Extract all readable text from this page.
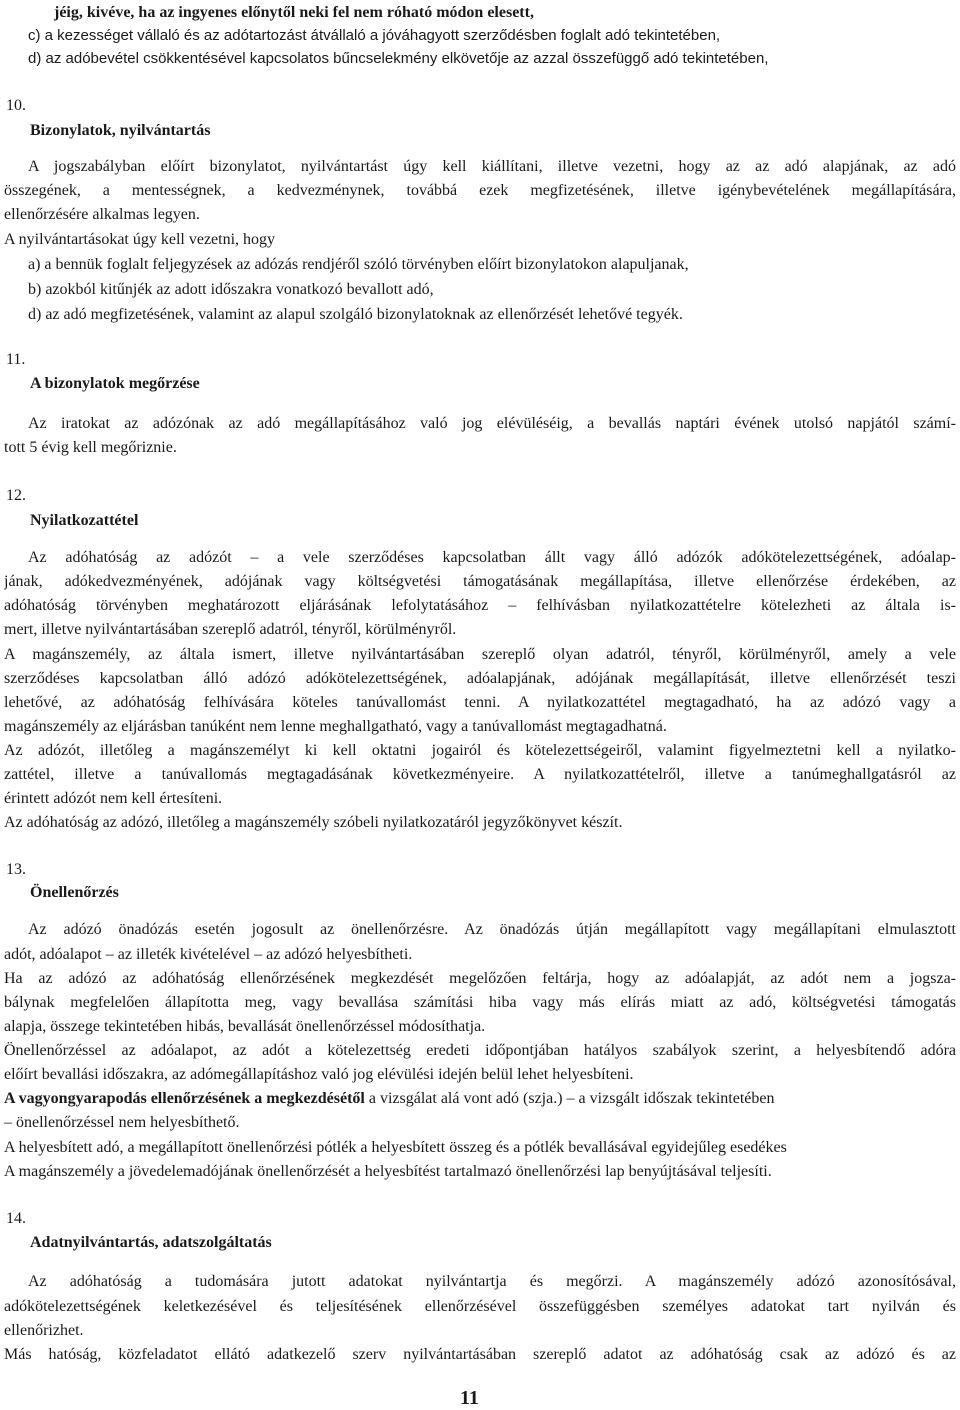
jéig, kivéve, ha az ingyenes előnytől neki fel nem róható módon elesett,
c) a kezességet vállaló és az adótartozást átvállaló a jóváhagyott szerződésben foglalt adó tekintetében,
d) az adóbevétel csökkentésével kapcsolatos bűncselekmény elkövetője az azzal összefüggő adó tekintetében,
10.
Bizonylatok, nyilvántartás
A jogszabályban előírt bizonylatot, nyilvántartást úgy kell kiállítani, illetve vezetni, hogy az az adó alapjának, az adó
összegének, a mentességnek, a kedvezménynek, továbbá ezek megfizetésének, illetve igénybevételének megállapítására,
ellenőrzésére alkalmas legyen.
A nyilvántartásokat úgy kell vezetni, hogy
a) a bennük foglalt feljegyzések az adózás rendjéről szóló törvényben előírt bizonylatokon alapuljanak,
b) azokból kitűnjék az adott időszakra vonatkozó bevallott adó,
d) az adó megfizetésének, valamint az alapul szolgáló bizonylatoknak az ellenőrzését lehetővé tegyék.
11.
A bizonylatok megőrzése
Az iratokat az adózónak az adó megállapításához való jog elévüléséig, a bevallás naptári évének utolsó napjától számí-
tott 5 évig kell megőriznie.
12.
Nyilatkozattétel
Az adóhatóság az adózót – a vele szerződéses kapcsolatban állt vagy álló adózók adókötelezettségének, adóalap-
jának, adókedvezményének, adójának vagy költségvetési támogatásának megállapítása, illetve ellenőrzése érdekében, az
adóhatóság törvényben meghatározott eljárásának lefolytatásához – felhívásban nyilatkozattételre kötelezheti az általa is-
mert, illetve nyilvántartásában szereplő adatról, tényről, körülményről.
A magánszemély, az általa ismert, illetve nyilvántartásában szereplő olyan adatról, tényről, körülményről, amely a vele
szerződéses kapcsolatban álló adózó adókötelezettségének, adóalapjának, adójának megállapítását, illetve ellenőrzését teszi
lehetővé, az adóhatóság felhívására köteles tanúvallomást tenni. A nyilatkozattétel megtagadható, ha az adózó vagy a
magánszemély az eljárásban tanúként nem lenne meghallgatható, vagy a tanúvallomást megtagadhatná.
Az adózót, illetőleg a magánszemélyt ki kell oktatni jogairól és kötelezettségeiről, valamint figyelmeztetni kell a nyilatko-
zattétel, illetve a tanúvallomás megtagadásának következményeire. A nyilatkozattételről, illetve a tanúmeghallgatásról az
érintett adózót nem kell értesíteni.
Az adóhatóság az adózó, illetőleg a magánszemély szóbeli nyilatkozatáról jegyzőkönyvet készít.
13.
Önellenőrzés
Az adózó önadózás esetén jogosult az önellenőrzésre. Az önadózás útján megállapított vagy megállapítani elmulasztott
adót, adóalapot – az illeték kivételével – az adózó helyesbítheti.
Ha az adózó az adóhatóság ellenőrzésének megkezdését megelőzően feltárja, hogy az adóalapját, az adót nem a jogsza-
bálynak megfelelően állapította meg, vagy bevallása számítási hiba vagy más elírás miatt az adó, költségvetési támogatás
alapja, összege tekintetében hibás, bevallását önellenőrzéssel módosíthatja.
Önellenőrzéssel az adóalapot, az adót a kötelezettség eredeti időpontjában hatályos szabályok szerint, a helyesbítendő adóra
előírt bevallási időszakra, az adómegállapításhoz való jog elévülési idején belül lehet helyesbíteni.
A vagyongyarapodás ellenőrzésének a megkezdésétől a vizsgálat alá vont adó (szja.) – a vizsgált időszak tekintetében
– önellenőrzéssel nem helyesbíthető.
A helyesbített adó, a megállapított önellenőrzési pótlék a helyesbített összeg és a pótlék bevallásával egyidejűleg esedékes
A magánszemély a jövedelemadójának önellenőrzését a helyesbítést tartalmazó önellenőrzési lap benyújtásával teljesíti.
14.
Adatnyilvántartás, adatszolgáltatás
Az adóhatóság a tudomására jutott adatokat nyilvántartja és megőrzi. A magánszemély adózó azonosítósával,
adókötelezettségének keletkezésével és teljesítésének ellenőrzésével összefüggésben személyes adatokat tart nyilván és
ellenőrizhet.
Más hatóság, közfeladatot ellátó adatkezelő szerv nyilvántartásában szereplő adatot az adóhatóság csak az adózó és az
11
